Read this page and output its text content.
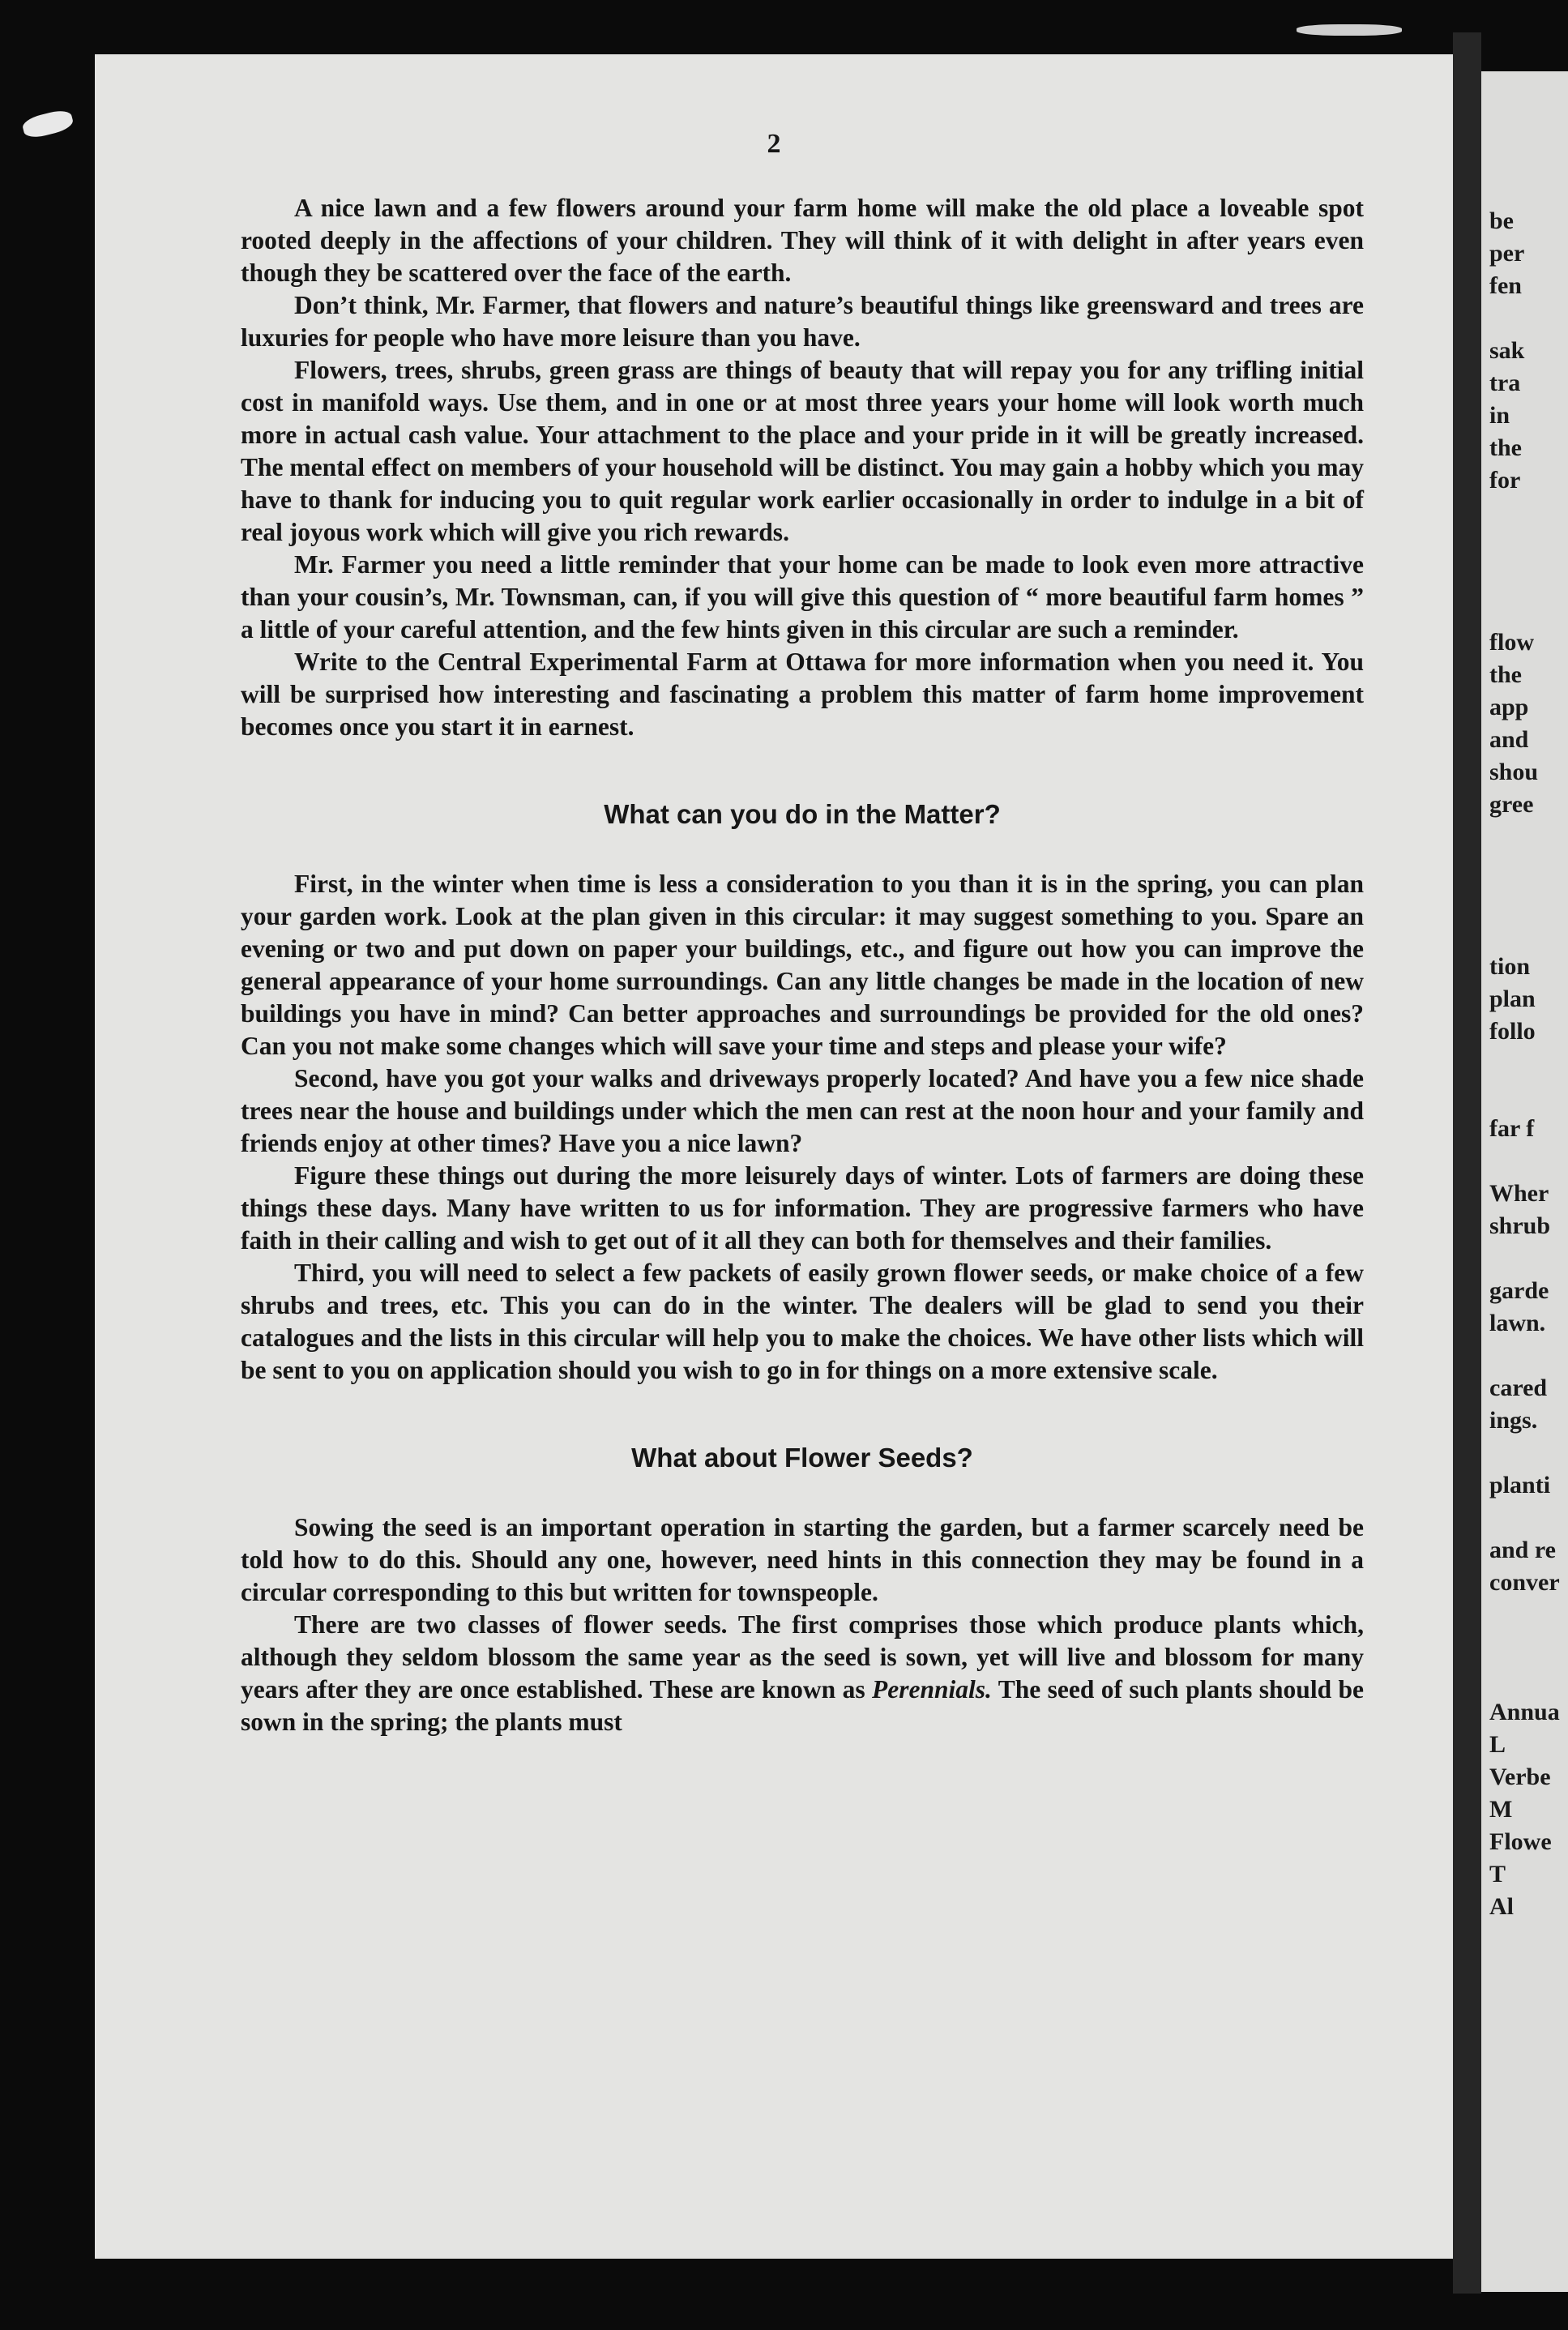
2

A nice lawn and a few flowers around your farm home will make the old place a loveable spot rooted deeply in the affections of your children. They will think of it with delight in after years even though they be scattered over the face of the earth.

Don’t think, Mr. Farmer, that flowers and nature’s beautiful things like greensward and trees are luxuries for people who have more leisure than you have.

Flowers, trees, shrubs, green grass are things of beauty that will repay you for any trifling initial cost in manifold ways. Use them, and in one or at most three years your home will look worth much more in actual cash value. Your attachment to the place and your pride in it will be greatly increased. The mental effect on members of your household will be distinct. You may gain a hobby which you may have to thank for inducing you to quit regular work earlier occasionally in order to indulge in a bit of real joyous work which will give you rich rewards.

Mr. Farmer you need a little reminder that your home can be made to look even more attractive than your cousin’s, Mr. Townsman, can, if you will give this question of “ more beautiful farm homes ” a little of your careful attention, and the few hints given in this circular are such a reminder.

Write to the Central Experimental Farm at Ottawa for more information when you need it. You will be surprised how interesting and fascinating a problem this matter of farm home improvement becomes once you start it in earnest.

What can you do in the Matter?

First, in the winter when time is less a consideration to you than it is in the spring, you can plan your garden work. Look at the plan given in this circular: it may suggest something to you. Spare an evening or two and put down on paper your buildings, etc., and figure out how you can improve the general appearance of your home surroundings. Can any little changes be made in the location of new buildings you have in mind? Can better approaches and surroundings be provided for the old ones? Can you not make some changes which will save your time and steps and please your wife?

Second, have you got your walks and driveways properly located? And have you a few nice shade trees near the house and buildings under which the men can rest at the noon hour and your family and friends enjoy at other times? Have you a nice lawn?

Figure these things out during the more leisurely days of winter. Lots of farmers are doing these things these days. Many have written to us for information. They are progressive farmers who have faith in their calling and wish to get out of it all they can both for themselves and their families.

Third, you will need to select a few packets of easily grown flower seeds, or make choice of a few shrubs and trees, etc. This you can do in the winter. The dealers will be glad to send you their catalogues and the lists in this circular will help you to make the choices. We have other lists which will be sent to you on application should you wish to go in for things on a more extensive scale.

What about Flower Seeds?

Sowing the seed is an important operation in starting the garden, but a farmer scarcely need be told how to do this. Should any one, however, need hints in this connection they may be found in a circular corresponding to this but written for townspeople.

There are two classes of flower seeds. The first comprises those which produce plants which, although they seldom blossom the same year as the seed is sown, yet will live and blossom for many years after they are once established. These are known as Perennials. The seed of such plants should be sown in the spring; the plants must

be
per
fen
sak
tra
in
the
for
flow
the
app
and
shou
gree
tion
plan
follo
far f
Wher
shrub
garde
lawn.
cared
ings.
planti
and re
conver
Annua
L
Verbe
M
Flowe
T
Al
